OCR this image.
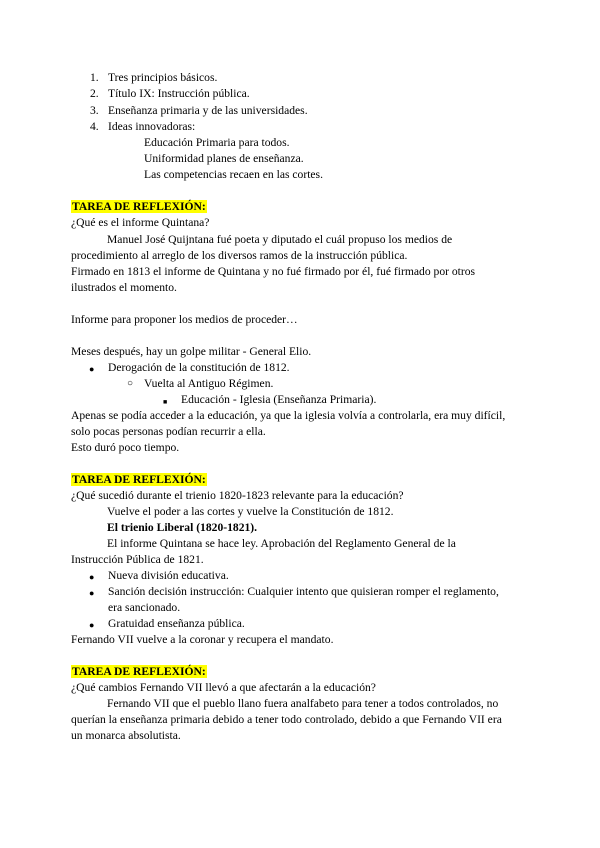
1. Tres principios básicos.
2. Título IX: Instrucción pública.
3. Enseñanza primaria y de las universidades.
4. Ideas innovadoras:
Educación Primaria para todos.
Uniformidad planes de enseñanza.
Las competencias recaen en las cortes.
TAREA DE REFLEXIÓN:
¿Qué es el informe Quintana?
Manuel José Quijntana fué poeta y diputado el cuál propuso los medios de
procedimiento al arreglo de los diversos ramos de la instrucción pública.
Firmado en 1813 el informe de Quintana y no fué firmado por él, fué firmado por otros
ilustrados el momento.
Informe para proponer los medios de proceder…
Meses después, hay un golpe militar - General Elio.
● Derogación de la constitución de 1812.
○ Vuelta al Antiguo Régimen.
■ Educación - Iglesia (Enseñanza Primaria).
Apenas se podía acceder a la educación, ya que la iglesia volvía a controlarla, era muy difícil,
solo pocas personas podían recurrir a ella.
Esto duró poco tiempo.
TAREA DE REFLEXIÓN:
¿Qué sucedió durante el trienio 1820-1823 relevante para la educación?
Vuelve el poder a las cortes y vuelve la Constitución de 1812.
El trienio Liberal (1820-1821).
El informe Quintana se hace ley. Aprobación del Reglamento General de la
Instrucción Pública de 1821.
● Nueva división educativa.
● Sanción decisión instrucción: Cualquier intento que quisieran romper el reglamento,
era sancionado.
● Gratuidad enseñanza pública.
Fernando VII vuelve a la coronar y recupera el mandato.
TAREA DE REFLEXIÓN:
¿Qué cambios Fernando VII llevó a que afectarán a la educación?
Fernando VII que el pueblo llano fuera analfabeto para tener a todos controlados, no
querían la enseñanza primaria debido a tener todo controlado, debido a que Fernando VII era
un monarca absolutista.
